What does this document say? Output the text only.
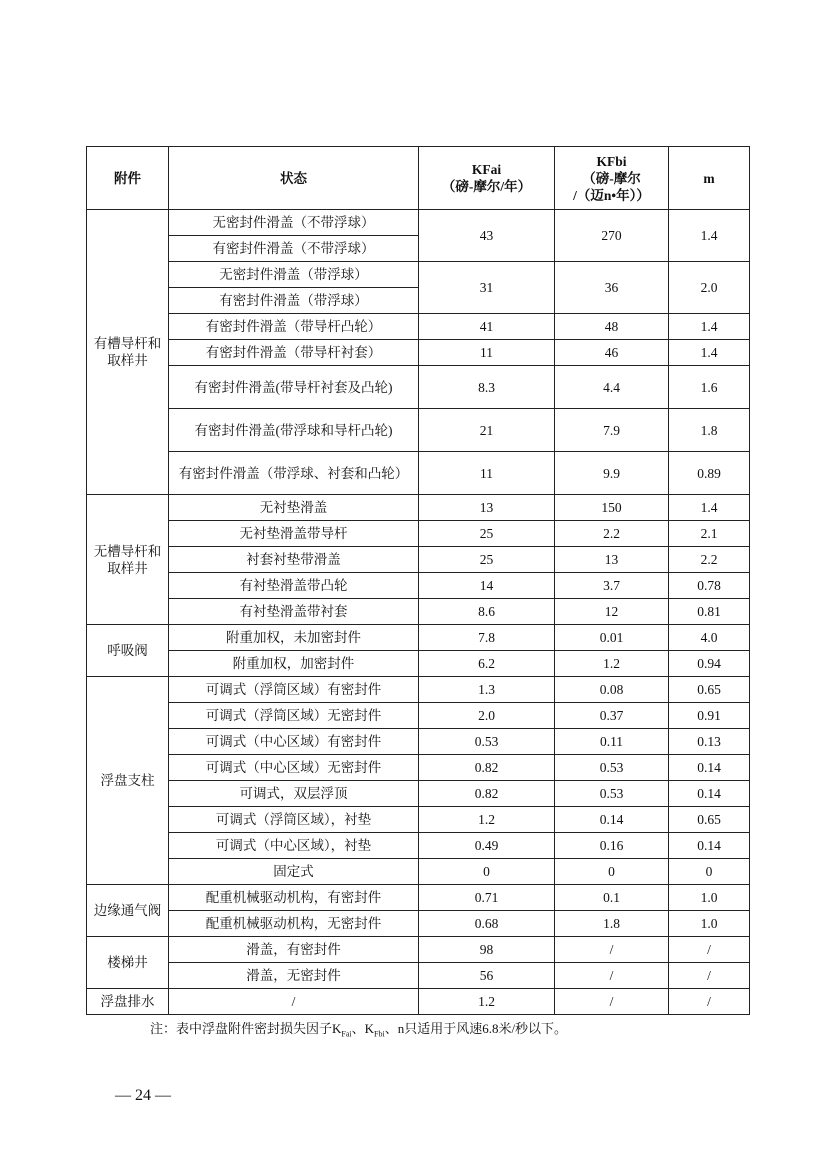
附件	状态	KFai
（磅-摩尔/年）	KFbi
（磅-摩尔
/（迈n•年））	m
有槽导杆和取样井	无密封件滑盖（不带浮球）	43	270	1.4
	有密封件滑盖（不带浮球）			
	无密封件滑盖（带浮球）	31	36	2.0
	有密封件滑盖（带浮球）			
	有密封件滑盖（带导杆凸轮）	41	48	1.4
	有密封件滑盖（带导杆衬套）	11	46	1.4
	有密封件滑盖(带导杆衬套及凸轮)	8.3	4.4	1.6
	有密封件滑盖(带浮球和导杆凸轮)	21	7.9	1.8
	有密封件滑盖（带浮球、衬套和凸轮）	11	9.9	0.89
无槽导杆和取样井	无衬垫滑盖	13	150	1.4
	无衬垫滑盖带导杆	25	2.2	2.1
	衬套衬垫带滑盖	25	13	2.2
	有衬垫滑盖带凸轮	14	3.7	0.78
	有衬垫滑盖带衬套	8.6	12	0.81
呼吸阀	附重加权，未加密封件	7.8	0.01	4.0
	附重加权，加密封件	6.2	1.2	0.94
浮盘支柱	可调式（浮筒区域）有密封件	1.3	0.08	0.65
	可调式（浮筒区域）无密封件	2.0	0.37	0.91
	可调式（中心区域）有密封件	0.53	0.11	0.13
	可调式（中心区域）无密封件	0.82	0.53	0.14
	可调式，双层浮顶	0.82	0.53	0.14
	可调式（浮筒区域），衬垫	1.2	0.14	0.65
	可调式（中心区域），衬垫	0.49	0.16	0.14
	固定式	0	0	0
边缘通气阀	配重机械驱动机构，有密封件	0.71	0.1	1.0
	配重机械驱动机构，无密封件	0.68	1.8	1.0
楼梯井	滑盖，有密封件	98	/	/
	滑盖，无密封件	56	/	/
浮盘排水	/	1.2	/	/
注：表中浮盘附件密封损失因子$K_{Fai}$、$K_{Fbi}$、n只适用于风速6.8米/秒以下。
— 24 —
